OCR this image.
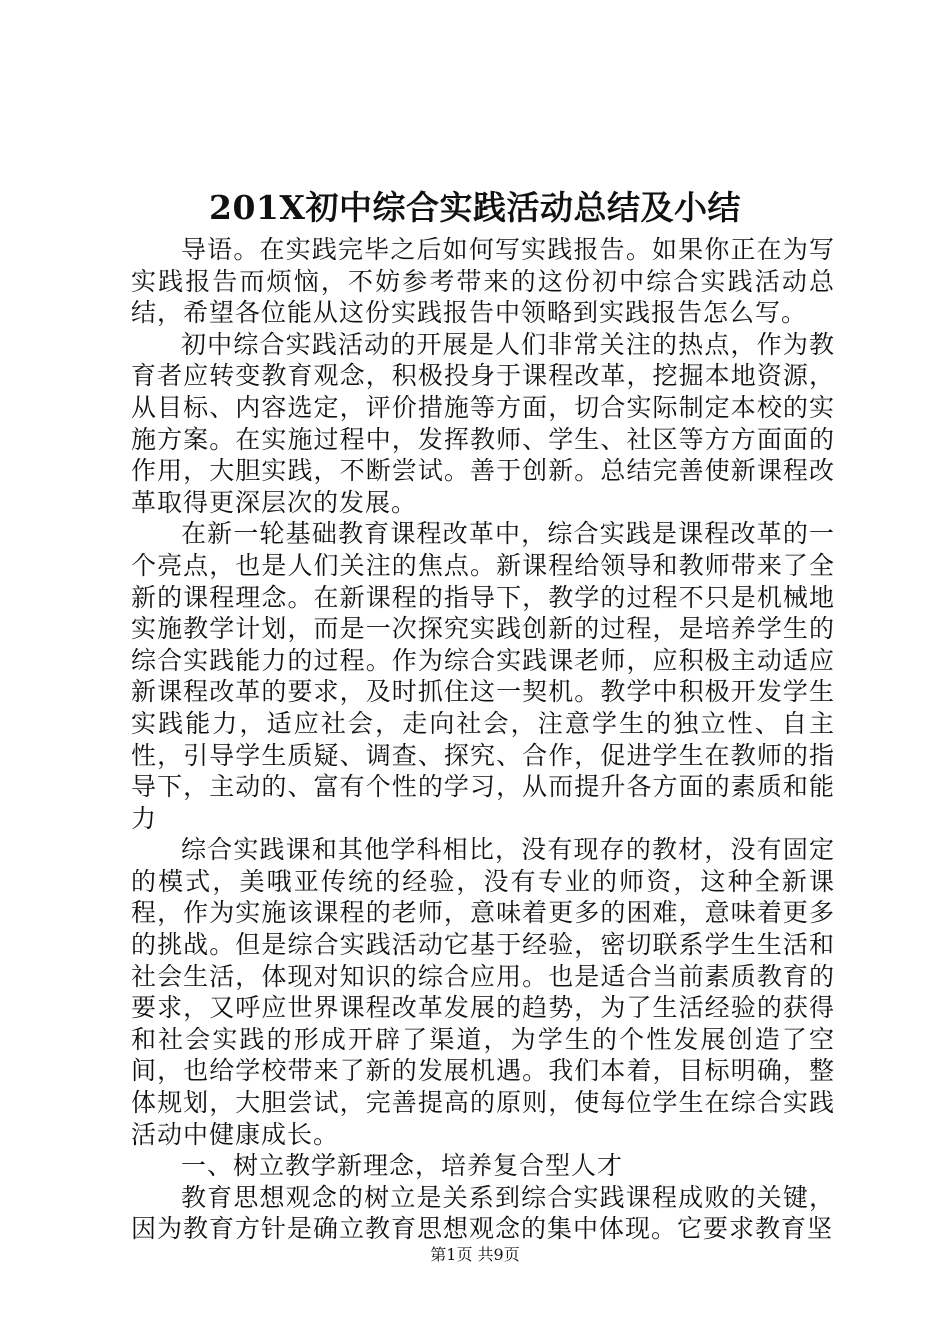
201X初中综合实践活动总结及小结

导语。在实践完毕之后如何写实践报告。如果你正在为写实践报告而烦恼，不妨参考带来的这份初中综合实践活动总结，希望各位能从这份实践报告中领略到实践报告怎么写。

初中综合实践活动的开展是人们非常关注的热点，作为教育者应转变教育观念，积极投身于课程改革，挖掘本地资源，从目标、内容选定，评价措施等方面，切合实际制定本校的实施方案。在实施过程中，发挥教师、学生、社区等方方面面的作用，大胆实践，不断尝试。善于创新。总结完善使新课程改革取得更深层次的发展。

在新一轮基础教育课程改革中，综合实践是课程改革的一个亮点，也是人们关注的焦点。新课程给领导和教师带来了全新的课程理念。在新课程的指导下，教学的过程不只是机械地实施教学计划，而是一次探究实践创新的过程，是培养学生的综合实践能力的过程。作为综合实践课老师，应积极主动适应新课程改革的要求，及时抓住这一契机。教学中积极开发学生实践能力，适应社会，走向社会，注意学生的独立性、自主性，引导学生质疑、调查、探究、合作，促进学生在教师的指导下，主动的、富有个性的学习，从而提升各方面的素质和能力

综合实践课和其他学科相比，没有现存的教材，没有固定的模式，美哦亚传统的经验，没有专业的师资，这种全新课程，作为实施该课程的老师，意味着更多的困难，意味着更多的挑战。但是综合实践活动它基于经验，密切联系学生生活和社会生活，体现对知识的综合应用。也是适合当前素质教育的要求，又呼应世界课程改革发展的趋势，为了生活经验的获得和社会实践的形成开辟了渠道，为学生的个性发展创造了空间，也给学校带来了新的发展机遇。我们本着，目标明确，整体规划，大胆尝试，完善提高的原则，使每位学生在综合实践活动中健康成长。

一、树立教学新理念，培养复合型人才

教育思想观念的树立是关系到综合实践课程成败的关键，因为教育方针是确立教育思想观念的集中体现。它要求教育坚

第1页 共9页
